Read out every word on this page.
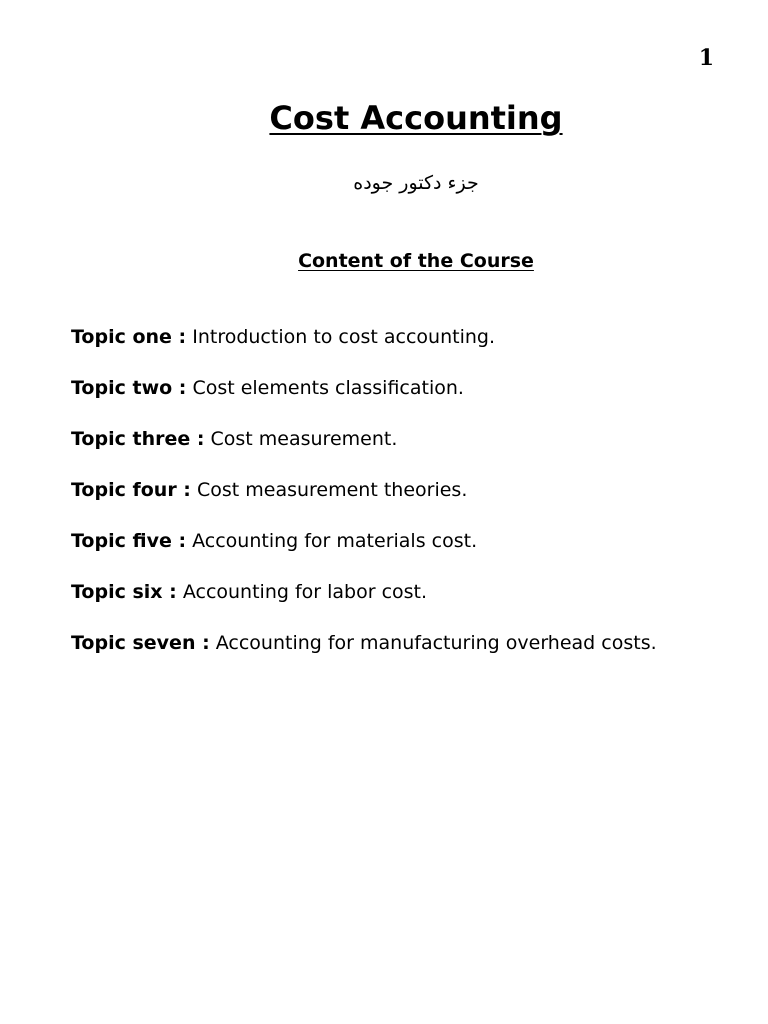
1
Cost Accounting
جزء دكتور جوده
Content of the Course
Topic one : Introduction to cost accounting.
Topic two : Cost elements classification.
Topic three : Cost measurement.
Topic four : Cost measurement theories.
Topic five : Accounting for materials cost.
Topic six : Accounting for labor cost.
Topic seven : Accounting for manufacturing overhead costs.
